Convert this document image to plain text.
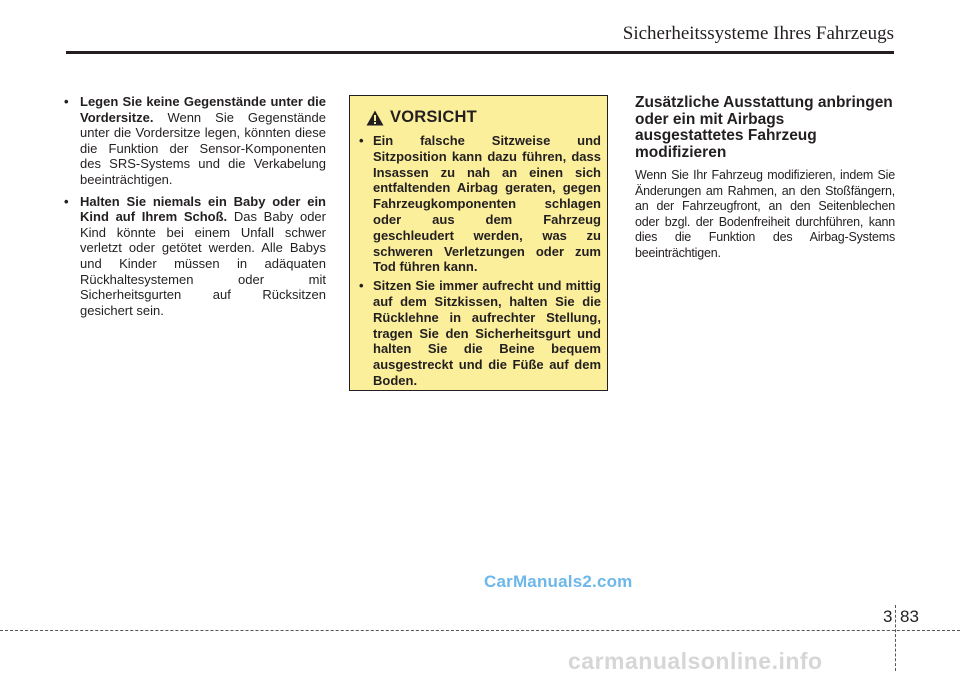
Sicherheitssysteme Ihres Fahrzeugs
• Legen Sie keine Gegenstände unter die Vordersitze. Wenn Sie Gegenstände unter die Vordersitze legen, könnten diese die Funktion der Sensor-Komponenten des SRS-Systems und die Verkabelung beeinträchtigen.
• Halten Sie niemals ein Baby oder ein Kind auf Ihrem Schoß. Das Baby oder Kind könnte bei einem Unfall schwer verletzt oder getötet werden. Alle Babys und Kinder müssen in adäquaten Rückhaltesystemen oder mit Sicherheitsgurten auf Rücksitzen gesichert sein.
VORSICHT
• Ein falsche Sitzweise und Sitzposition kann dazu führen, dass Insassen zu nah an einen sich entfaltenden Airbag geraten, gegen Fahrzeugkomponenten schlagen oder aus dem Fahrzeug geschleudert werden, was zu schweren Verletzungen oder zum Tod führen kann.
• Sitzen Sie immer aufrecht und mittig auf dem Sitzkissen, halten Sie die Rücklehne in aufrechter Stellung, tragen Sie den Sicherheitsgurt und halten Sie die Beine bequem ausgestreckt und die Füße auf dem Boden.
Zusätzliche Ausstattung anbringen oder ein mit Airbags ausgestattetes Fahrzeug modifizieren
Wenn Sie Ihr Fahrzeug modifizieren, indem Sie Änderungen am Rahmen, an den Stoßfängern, an der Fahrzeugfront, an den Seitenblechen oder bzgl. der Bodenfreiheit durchführen, kann dies die Funktion des Airbag-Systems beeinträchtigen.
CarManuals2.com
3 83
carmanualsonline.info
